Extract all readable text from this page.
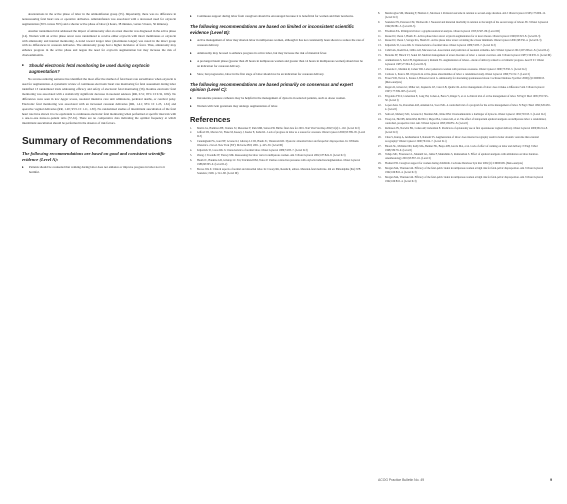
decelerations in the active phase of labor in the amnioinfusion group (55). Importantly, there was no difference in nonreassuring fetal heart rate or operative deliveries. Amnioinfusion was associated with a decreased need for oxytocin augmentation (36% versus 59%) and a shorter active phase of labor (4 hours, 38 minutes, versus 5 hours, 56 minutes).

Another randomized trial addressed the impact of amniotomy after an arrest disorder was diagnosed in the active phase (14). Women with an active phase arrest were randomized to receive either oxytocin with intact membranes or oxytocin with amniotomy and internal monitoring. A trend toward longer labor (44-minutes longer) was noted in the intact group with no differences in cesarean deliveries. The amniotomy group had a higher incidence of fever. Thus, amniotomy may enhance progress in the active phase and negate the need for oxytocin augmentation but may increase the risk of chorioamnionitis.

▸ Should electronic fetal monitoring be used during oxytocin augmentation?

No reverse-tailoring sentence has identified the most effective method of fetal heart rate surveillance when oxytocin is used for augmentation. A systematic review of continuous electronic heart rate monitoring for fetal assessment during labor identified 13 randomized trials addressing efficacy and safety of electronic fetal monitoring (56). Routine electronic fetal monitoring was associated with a statistically significant decrease in neonatal seizures (RR, 0.51; 95% CI 0.32, 0.82). No differences were seen in low Apgar scores, neonatal intensive care unit admissions, perinatal deaths, or cerebral palsy. Electronic fetal monitoring was associated with an increased cesarean deliveries (RR, 1.41; 95% CI 1.23, 1.61) and operative vaginal deliveries (RR, 1.20; 95% CI 1.11, 1.30). No randomized studies of intermittent auscultation of the fetal heart rate have shown it to be equivalent to continuous electronic fetal monitoring when performed at specific intervals with a one-to-one nurse-to-patient ratio (57-61). There are no comparative data indicating the optimal frequency at which intermittent auscultation should be performed in the absence of risk factors.

Summary of Recommendations
The following recommendations are based on good and consistent scientific evidence (Level A):
▸ Patients should be counseled that walking during labor does not enhance or improve progress in labor nor is it harmful.
▸ Continuous support during labor from caregivers should be encouraged because it is beneficial for women and their newborns.
The following recommendations are based on limited or inconsistent scientific evidence (Level B):
▸ Active management of labor may shorten labor in nulliparous women, although it has not consistently been shown to reduce the rate of cesarean delivery.
▸ Amniotomy may be used to enhance progress in active labor, but may increase the risk of maternal fever.
▸ A prolonged latent phase (greater than 20 hours in nulliparous women and greater than 14 hours in multiparous women) should not be an indication for cesarean delivery.
▸ Slow, but progressive, labor in the first stage of labor should not be an indication for cesarean delivery.
The following recommendations are based primarily on consensus and expert opinion (Level C):
▸ Intrauterine pressure catheters may be helpful in the management of dystocia in selected patients, such as obese women.
▸ Women with twin gestations may undergo augmentation of labor.
References
1. Martin JA, Hamilton BE, Ventura SJ, Menacker F, Park MM, Sutton PD. Births: final data for 2001. Natl Vital Stat Rep 2002;51(2):1–102. (Level II-3)
2. Gifford DS, Morton SC, Fiske M, Keesey J, Keeler E, Kahn KL. Lack of progress in labor as a reason for cesarean. Obstet Gynecol 2000;95:589–95. (Level II-3)
3. Cunningham FG, Gant NF, Leveno KJ, Gilstrap LC III, Hauth JC, Wenstrom KD. Dystocia: abnormal labor and fetopelvic disproportion. In: Williams Obstetrics. 21st ed. New York (NY): McGraw-Hill; 2001. p. 425–50. (Level III)
4. Kilpatrick SJ, Laros RK Jr. Characteristics of normal labor. Obstet Gynecol 1989;74:85–7. (Level II-3)
5. Zhang J, Troendle JF, Yancey MK. Reassessing the labor curve in nulliparous women. Am J Obstet Gynecol 2002;187:824–8. (Level II-3)
6. Hauth JC, Hankins GD, Gilstrap LC 3rd, Strickland DM, Vance P. Uterine contraction pressures with oxytocin induction/augmentation. Obstet Gynecol 1986;68:305–9. (Level II-2)
7. Bowes WA Jr. Clinical aspects of normal and abnormal labor. In: Creasy RK, Resnik R, editors. Maternal-fetal medicine. 4th ed. Philadelphia (PA): WB Saunders; 1999. p. 541–68. (Level III)
8. Menticoglou SM, Manning F, Harman C, Morrison I. Perinatal outcome in relation to second-stage duration. Am J Obstet Gynecol 1995;173:906–12. (Level II-3)
9. Saunders NS, Paterson CM, Wadsworth J. Neonatal and maternal morbidity in relation to the length of the second stage of labour. Br J Obstet Gynaecol 1992;99:381–5. (Level II-3)
10. Friedman EA. Primigravid labor: a graphicostatistical analysis. Obstet Gynecol 1955;6:567–89. (Level III)
11. Rouse DJ, Owen J, Hauth JC. Active-phase labor arrest: oxytocin augmentation for at least 4 hours. Obstet Gynecol 1999;93:323–8. (Level II-3)
12. Rouse DJ, Owen J, Savage KG, Hauth JC. Active phase labor arrest: revisiting the 2-hour minimum. Obstet Gynecol 2001;98:550–4. (Level II-3)
13. Kilpatrick SJ, Laros RK Jr. Characteristics of normal labor. Obstet Gynecol 1989;74:85–7. (Level II-3)
14. Cahill AG, Roehl KA, Odibo AO, Macones GA. Association and prediction of neonatal acidemia. Am J Obstet Gynecol 2012;207:206.e1–8. (Level II-2)
15. Bottoms SF, Hirsch VJ, Sokol RJ. Medical management of arrest disorders of labor: a current overview. Am J Obstet Gynecol 1987;156:935–9. (Level III)
16. Arulkumaran S, Koh CH, Ingemarsson I, Ratnam SS. Augmentation of labour—mode of delivery related to cervimetric progress. Aust N Z J Obstet Gynaecol 1987;27:304–8. (Level II-3)
17. Chazotte C, Madden R, Cohen WR. Labor patterns in women with previous cesareans. Obstet Gynecol 1990;75:350–5. (Level II-2)
18. Cardozo L, Pearce JM. Oxytocin in active-phase abnormalities of labor: a randomized study. Obstet Gynecol 1990;75:152–7. (Level I)
19. Fraser WD, Turcot L, Krauss I, Brisson-Carrol G. Amniotomy for shortening spontaneous labour. Cochrane Database Syst Rev 2000;(2):CD000015. (Meta-analysis)
20. Rogers R, Gilson GJ, Miller AC, Izquierdo LE, Curet LB, Qualls CR. Active management of labor: does it make a difference? Am J Obstet Gynecol 1997;177:599–605. (Level I)
21. Frigoletto FD Jr, Lieberman E, Lang JM, Cohen A, Barss V, Ringer S, et al. A clinical trial of active management of labor. N Engl J Med 1995;333:745–50. (Level I)
22. Lopez-Zeno JA, Peaceman AM, Adashek JA, Socol ML. A controlled trial of a program for the active management of labor. N Engl J Med 1992;326:450–4. (Level I)
23. Satin AJ, Maberry MC, Leveno KJ, Sherman ML, Kline DM. Chorioamnionitis: a harbinger of dystocia. Obstet Gynecol 1992;79:913–5. (Level II-2)
24. Thorp JA, Hu DH, Albin RM, McNitt J, Meyer BA, Cohen GR, et al. The effect of intrapartum epidural analgesia on nulliparous labor: a randomized, controlled, prospective trial. Am J Obstet Gynecol 1993;169:851–8. (Level I)
25. Robinson JN, Norwitz ER, Cohen AP, Lieberman E. Predictors of episiotomy use at first spontaneous vaginal delivery. Obstet Gynecol 2000;96:214–8. (Level II-3)
26. Chua S, Kurup A, Arulkumaran S, Ratnam SS. Augmentation of labor: does internal tocography result in better obstetric outcome than external tocography? Obstet Gynecol 1990;76:164–7. (Level II-1)
27. Bloom SL, McIntire DD, Kelly MA, Beimer HL, Burpo RH, Garcia MA, et al. Lack of effect of walking on labor and delivery. N Engl J Med 1998;339:76–9. (Level I)
28. Vallejo MC, Firestone LL, Mandell GL, Jaime F, Makishima S, Ramanathan S. Effect of epidural analgesia with ambulation on labor duration. Anesthesiology 2001;95:857–61. (Level I)
29. Hodnett ED. Caregiver support for women during childbirth. Cochrane Database Syst Rev 2002;(1):CD000199. (Meta-analysis)
30. Morgan MA, Thurnau GR. Efficacy of the fetal-pelvic index in nulliparous women at high risk for fetal-pelvic disproportion. Am J Obstet Gynecol 1992;166:810–4. (Level II-3)
31. Morgan MA, Thurnau GR. Efficacy of the fetal-pelvic index in nulliparous women at high risk for fetal-pelvic disproportion. Am J Obstet Gynecol 1992;166:810–4. (Level II-3)
ACOG Practice Bulletin No. 49	9
